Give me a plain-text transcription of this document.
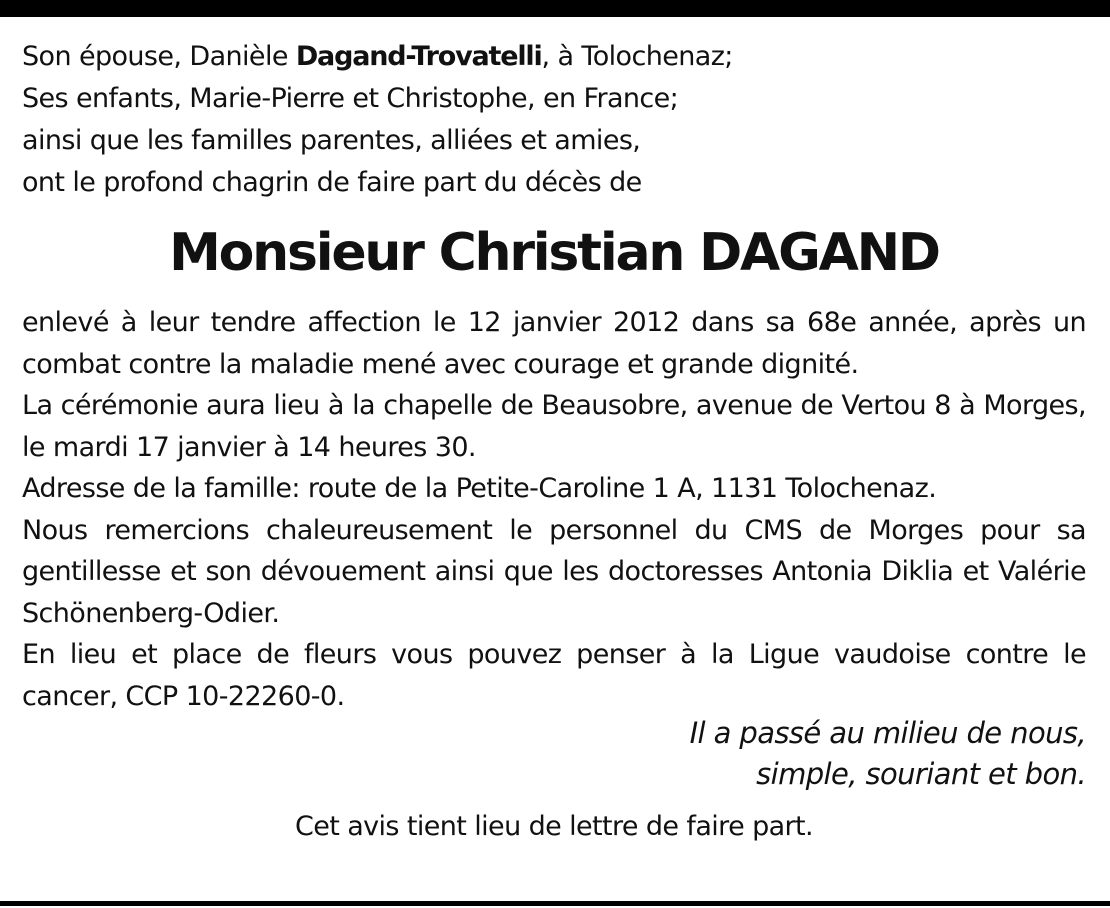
Son épouse, Danièle Dagand-Trovatelli, à Tolochenaz;
Ses enfants, Marie-Pierre et Christophe, en France;
ainsi que les familles parentes, alliées et amies,
ont le profond chagrin de faire part du décès de
Monsieur Christian DAGAND
enlevé à leur tendre affection le 12 janvier 2012 dans sa 68e année, après un combat contre la maladie mené avec courage et grande dignité.
La cérémonie aura lieu à la chapelle de Beausobre, avenue de Vertou 8 à Morges, le mardi 17 janvier à 14 heures 30.
Adresse de la famille: route de la Petite-Caroline 1 A, 1131 Tolochenaz.
Nous remercions chaleureusement le personnel du CMS de Morges pour sa gentillesse et son dévouement ainsi que les doctoresses Antonia Diklia et Valérie Schönenberg-Odier.
En lieu et place de fleurs vous pouvez penser à la Ligue vaudoise contre le cancer, CCP 10-22260-0.
Il a passé au milieu de nous,
simple, souriant et bon.
Cet avis tient lieu de lettre de faire part.
